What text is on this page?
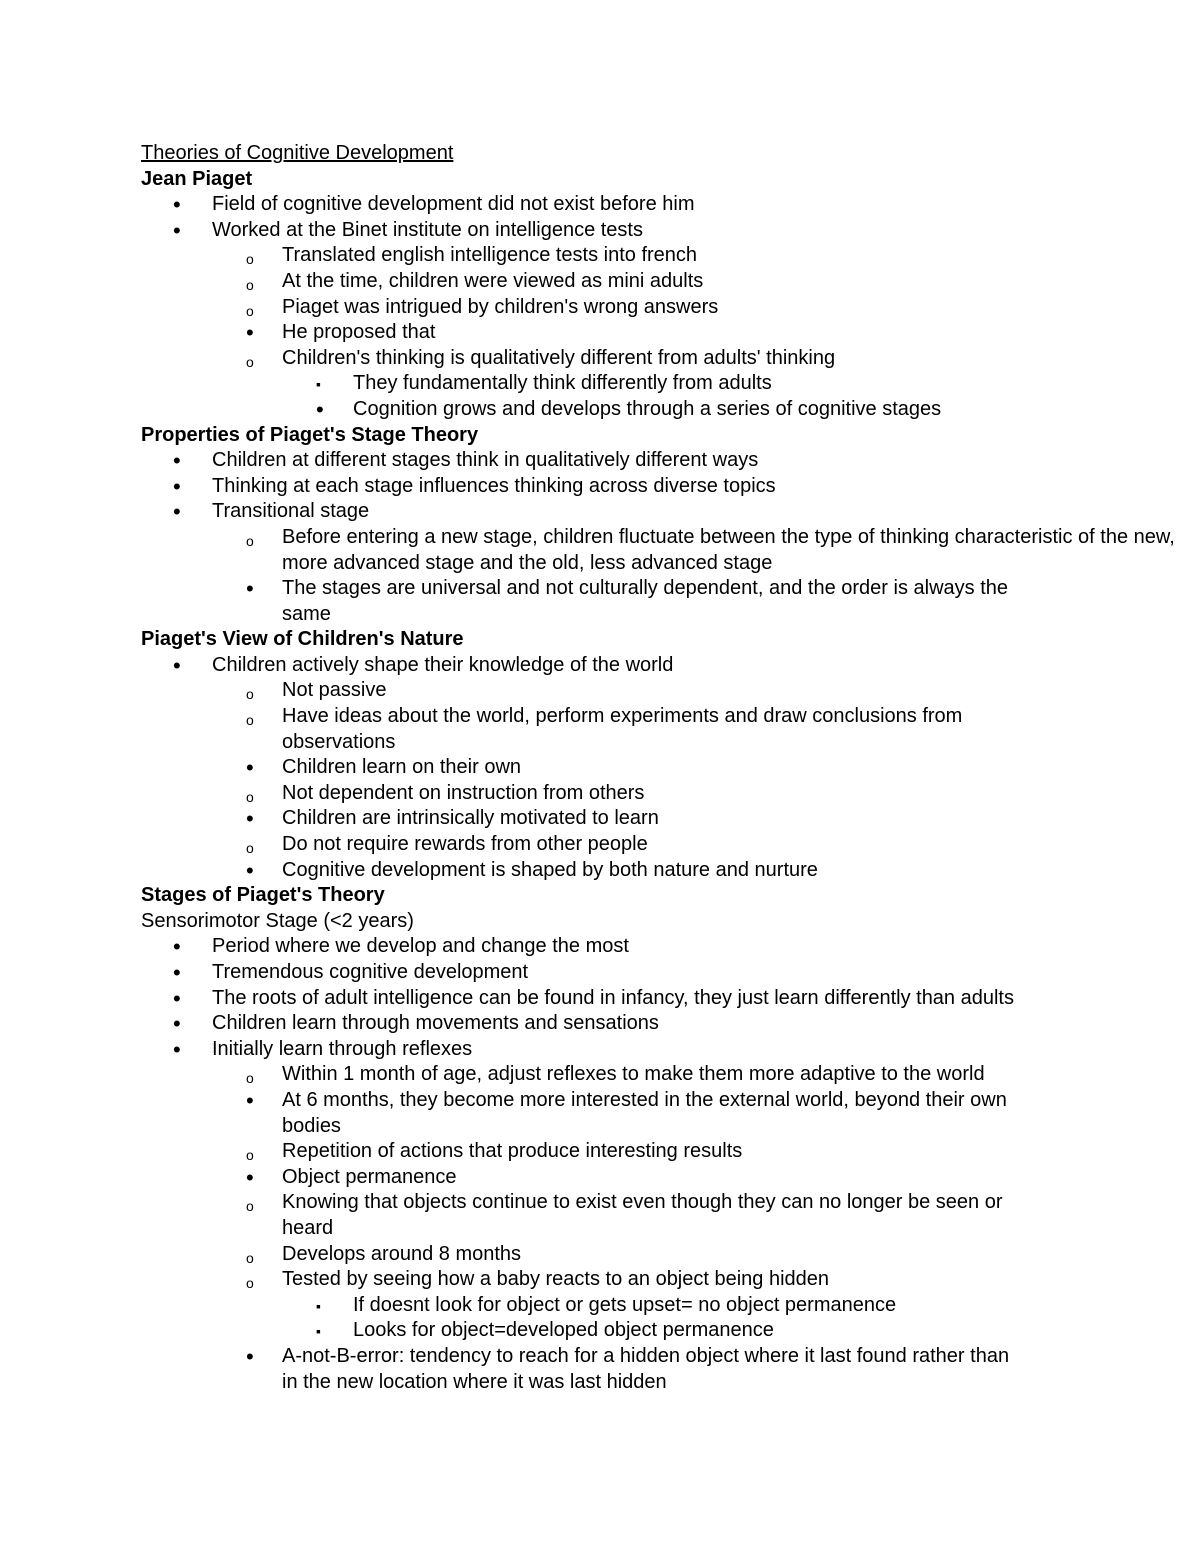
Theories of Cognitive Development
Jean Piaget
•
Field of cognitive development did not exist before him
•
Worked at the Binet institute on intelligence tests
o
Translated english intelligence tests into french
o
At the time, children were viewed as mini adults
o
Piaget was intrigued by children's wrong answers
•
He proposed that
o
Children's thinking is qualitatively different from adults' thinking
▪
They fundamentally think differently from adults
•
Cognition grows and develops through a series of cognitive stages
Properties of Piaget's Stage Theory
•
Children at different stages think in qualitatively different ways
•
Thinking at each stage influences thinking across diverse topics
•
Transitional stage
o
Before entering a new stage, children fluctuate between the type of thinking characteristic of the new, more advanced stage and the old, less advanced stage
•
The stages are universal and not culturally dependent, and the order is always the same
Piaget's View of Children's Nature
•
Children actively shape their knowledge of the world
o
Not passive
o
Have ideas about the world, perform experiments and draw conclusions from observations
•
Children learn on their own
o
Not dependent on instruction from others
•
Children are intrinsically motivated to learn
o
Do not require rewards from other people
•
Cognitive development is shaped by both nature and nurture
Stages of Piaget's Theory
Sensorimotor Stage (<2 years)
•
Period where we develop and change the most
•
Tremendous cognitive development
•
The roots of adult intelligence can be found in infancy, they just learn differently than adults
•
Children learn through movements and sensations
•
Initially learn through reflexes
o
Within 1 month of age, adjust reflexes to make them more adaptive to the world
•
At 6 months, they become more interested in the external world, beyond their own bodies
o
Repetition of actions that produce interesting results
•
Object permanence
o
Knowing that objects continue to exist even though they can no longer be seen or heard
o
Develops around 8 months
o
Tested by seeing how a baby reacts to an object being hidden
▪
If doesnt look for object or gets upset= no object permanence
▪
Looks for object=developed object permanence
•
A-not-B-error: tendency to reach for a hidden object where it last found rather than in the new location where it was last hidden
